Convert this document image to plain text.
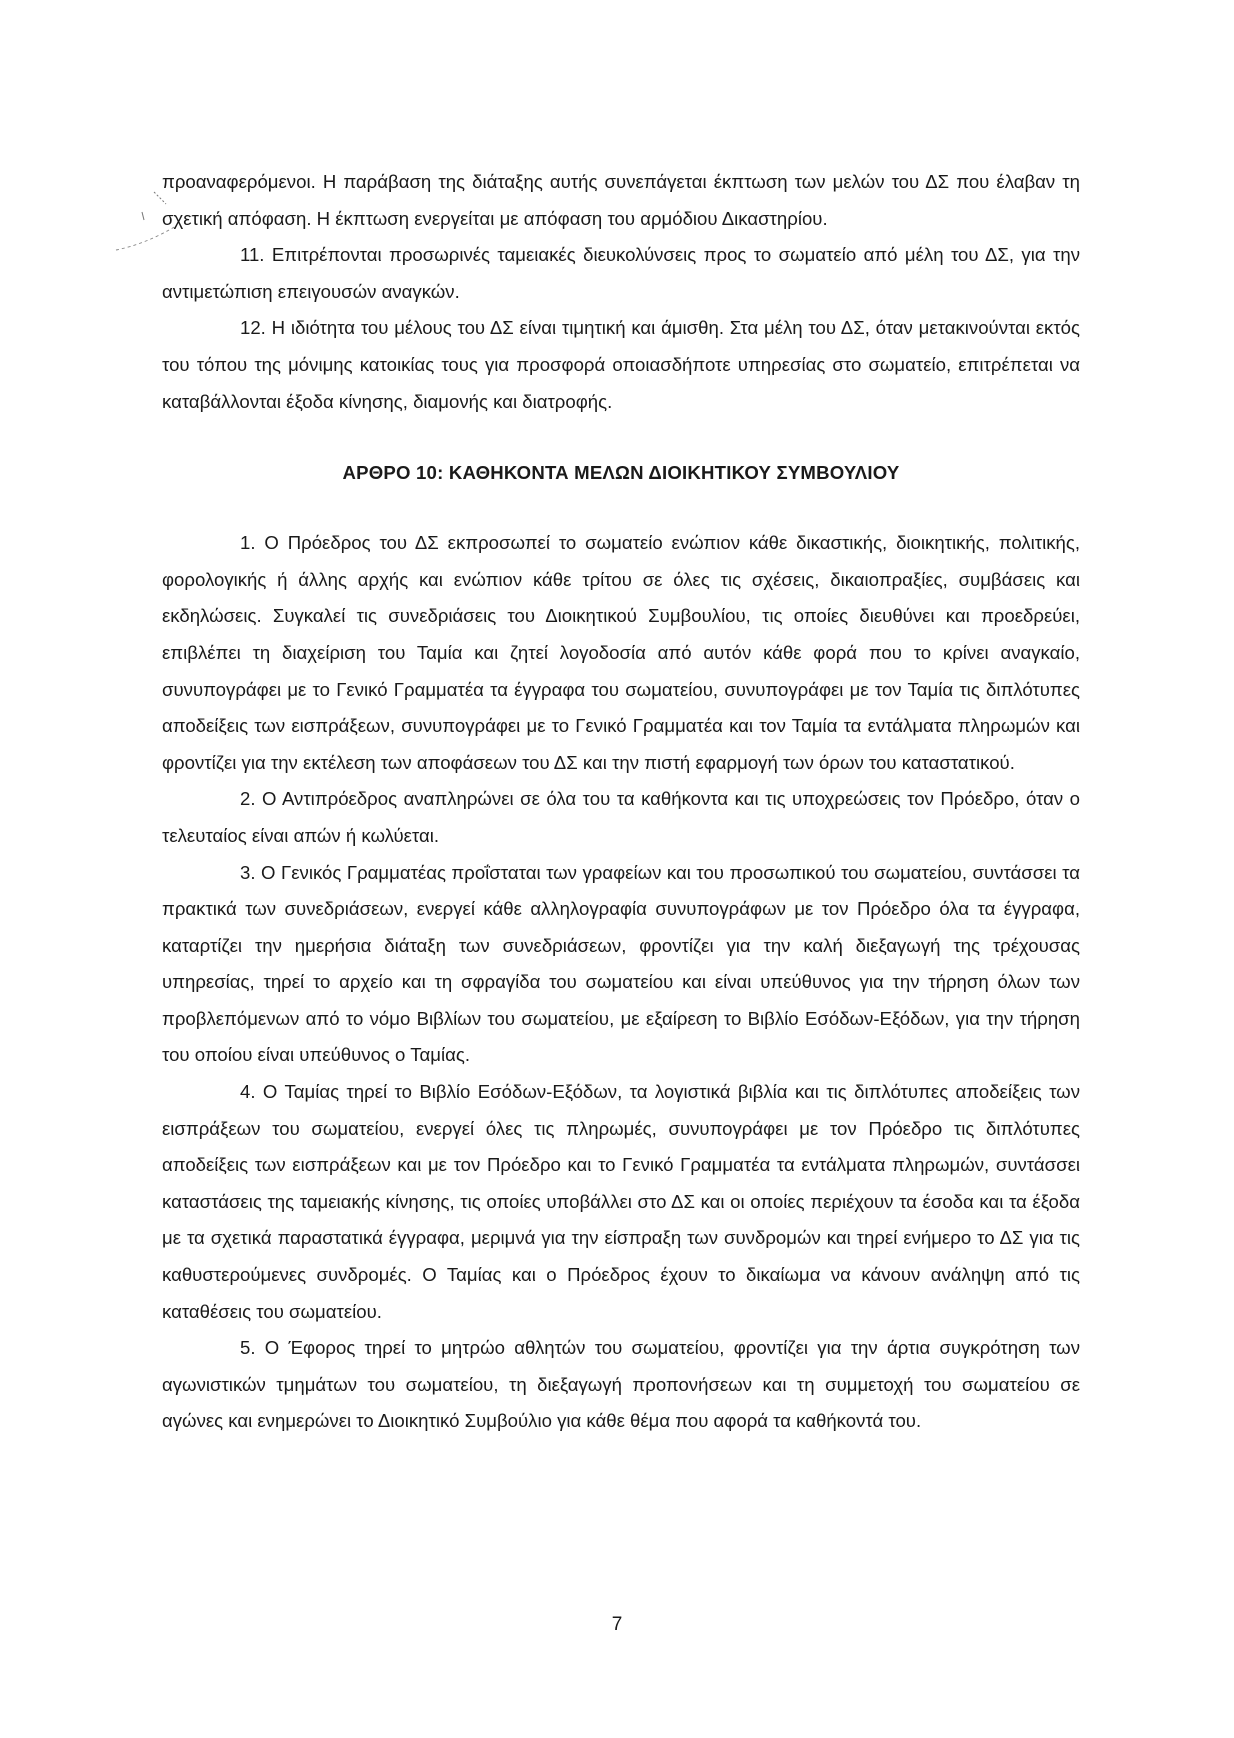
προαναφερόμενοι. Η παράβαση της διάταξης αυτής συνεπάγεται έκπτωση των μελών του ΔΣ που έλαβαν τη σχετική απόφαση. Η έκπτωση ενεργείται με απόφαση του αρμόδιου Δικαστηρίου.

11. Επιτρέπονται προσωρινές ταμειακές διευκολύνσεις προς το σωματείο από μέλη του ΔΣ, για την αντιμετώπιση επειγουσών αναγκών.

12. Η ιδιότητα του μέλους του ΔΣ είναι τιμητική και άμισθη. Στα μέλη του ΔΣ, όταν μετακινούνται εκτός του τόπου της μόνιμης κατοικίας τους για προσφορά οποιασδήποτε υπηρεσίας στο σωματείο, επιτρέπεται να καταβάλλονται έξοδα κίνησης, διαμονής και διατροφής.

ΑΡΘΡΟ 10: ΚΑΘΗΚΟΝΤΑ ΜΕΛΩΝ ΔΙΟΙΚΗΤΙΚΟΥ ΣΥΜΒΟΥΛΙΟΥ

1. Ο Πρόεδρος του ΔΣ εκπροσωπεί το σωματείο ενώπιον κάθε δικαστικής, διοικητικής, πολιτικής, φορολογικής ή άλλης αρχής και ενώπιον κάθε τρίτου σε όλες τις σχέσεις, δικαιοπραξίες, συμβάσεις και εκδηλώσεις. Συγκαλεί τις συνεδριάσεις του Διοικητικού Συμβουλίου, τις οποίες διευθύνει και προεδρεύει, επιβλέπει τη διαχείριση του Ταμία και ζητεί λογοδοσία από αυτόν κάθε φορά που το κρίνει αναγκαίο, συνυπογράφει με το Γενικό Γραμματέα τα έγγραφα του σωματείου, συνυπογράφει με τον Ταμία τις διπλότυπες αποδείξεις των εισπράξεων, συνυπογράφει με το Γενικό Γραμματέα και τον Ταμία τα εντάλματα πληρωμών και φροντίζει για την εκτέλεση των αποφάσεων του ΔΣ και την πιστή εφαρμογή των όρων του καταστατικού.

2. Ο Αντιπρόεδρος αναπληρώνει σε όλα του τα καθήκοντα και τις υποχρεώσεις τον Πρόεδρο, όταν ο τελευταίος είναι απών ή κωλύεται.

3. Ο Γενικός Γραμματέας προΐσταται των γραφείων και του προσωπικού του σωματείου, συντάσσει τα πρακτικά των συνεδριάσεων, ενεργεί κάθε αλληλογραφία συνυπογράφων με τον Πρόεδρο όλα τα έγγραφα, καταρτίζει την ημερήσια διάταξη των συνεδριάσεων, φροντίζει για την καλή διεξαγωγή της τρέχουσας υπηρεσίας, τηρεί το αρχείο και τη σφραγίδα του σωματείου και είναι υπεύθυνος για την τήρηση όλων των προβλεπόμενων από το νόμο Βιβλίων του σωματείου, με εξαίρεση το Βιβλίο Εσόδων-Εξόδων, για την τήρηση του οποίου είναι υπεύθυνος ο Ταμίας.

4. Ο Ταμίας τηρεί το Βιβλίο Εσόδων-Εξόδων, τα λογιστικά βιβλία και τις διπλότυπες αποδείξεις των εισπράξεων του σωματείου, ενεργεί όλες τις πληρωμές, συνυπογράφει με τον Πρόεδρο τις διπλότυπες αποδείξεις των εισπράξεων και με τον Πρόεδρο και το Γενικό Γραμματέα τα εντάλματα πληρωμών, συντάσσει καταστάσεις της ταμειακής κίνησης, τις οποίες υποβάλλει στο ΔΣ και οι οποίες περιέχουν τα έσοδα και τα έξοδα με τα σχετικά παραστατικά έγγραφα, μεριμνά για την είσπραξη των συνδρομών και τηρεί ενήμερο το ΔΣ για τις καθυστερούμενες συνδρομές. Ο Ταμίας και ο Πρόεδρος έχουν το δικαίωμα να κάνουν ανάληψη από τις καταθέσεις του σωματείου.

5. Ο Έφορος τηρεί το μητρώο αθλητών του σωματείου, φροντίζει για την άρτια συγκρότηση των αγωνιστικών τμημάτων του σωματείου, τη διεξαγωγή προπονήσεων και τη συμμετοχή του σωματείου σε αγώνες και ενημερώνει το Διοικητικό Συμβούλιο για κάθε θέμα που αφορά τα καθήκοντά του.

7
